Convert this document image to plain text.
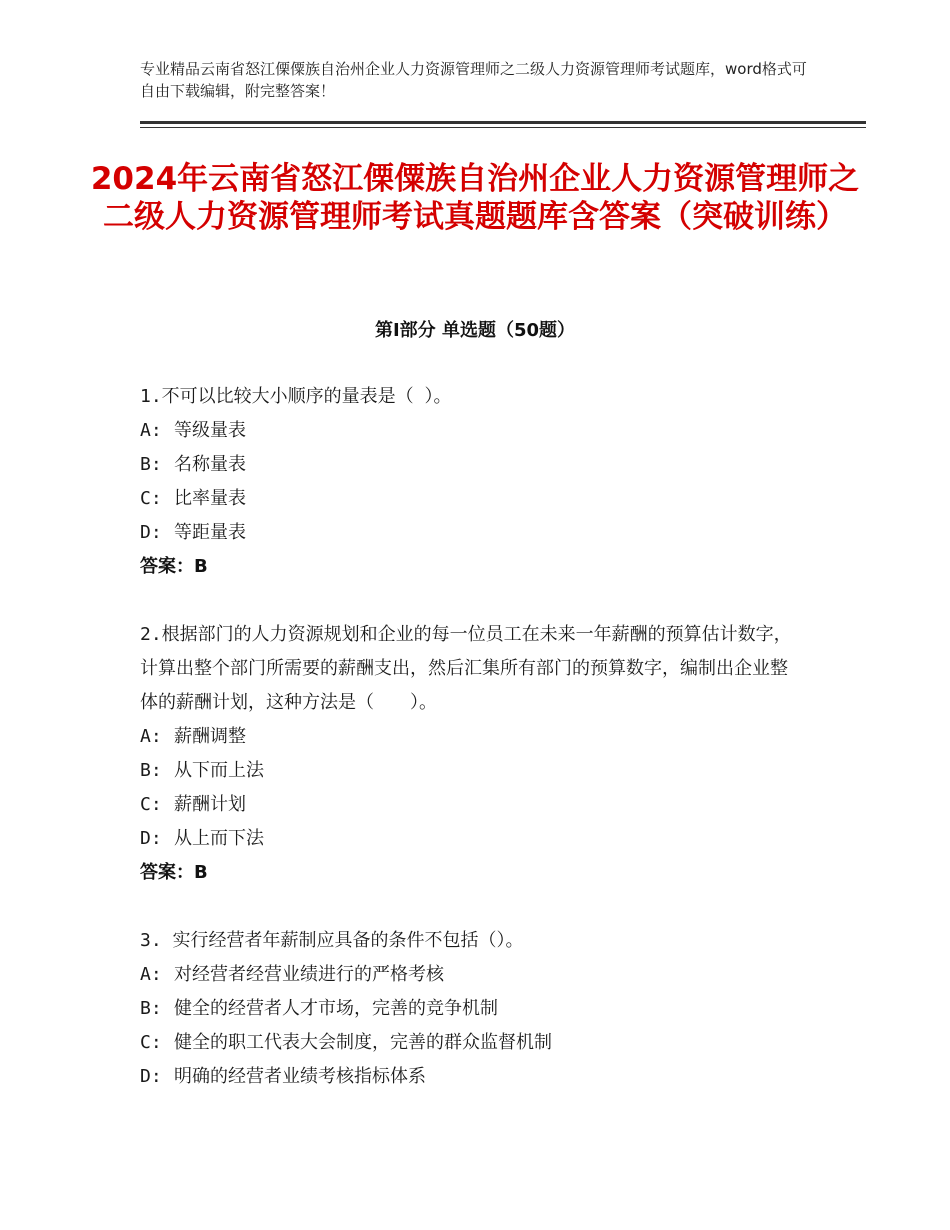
专业精品云南省怒江傈僳族自治州企业人力资源管理师之二级人力资源管理师考试题库，word格式可自由下载编辑，附完整答案！
2024年云南省怒江傈僳族自治州企业人力资源管理师之二级人力资源管理师考试真题题库含答案（突破训练）
第Ⅰ部分 单选题（50题）
1.不可以比较大小顺序的量表是（ ）。
A: 等级量表
B: 名称量表
C: 比率量表
D: 等距量表
答案：B
2.根据部门的人力资源规划和企业的每一位员工在未来一年薪酬的预算估计数字，计算出整个部门所需要的薪酬支出，然后汇集所有部门的预算数字，编制出企业整体的薪酬计划，这种方法是（　　）。
A: 薪酬调整
B: 从下而上法
C: 薪酬计划
D: 从上而下法
答案：B
3. 实行经营者年薪制应具备的条件不包括（）。
A: 对经营者经营业绩进行的严格考核
B: 健全的经营者人才市场，完善的竞争机制
C: 健全的职工代表大会制度，完善的群众监督机制
D: 明确的经营者业绩考核指标体系
